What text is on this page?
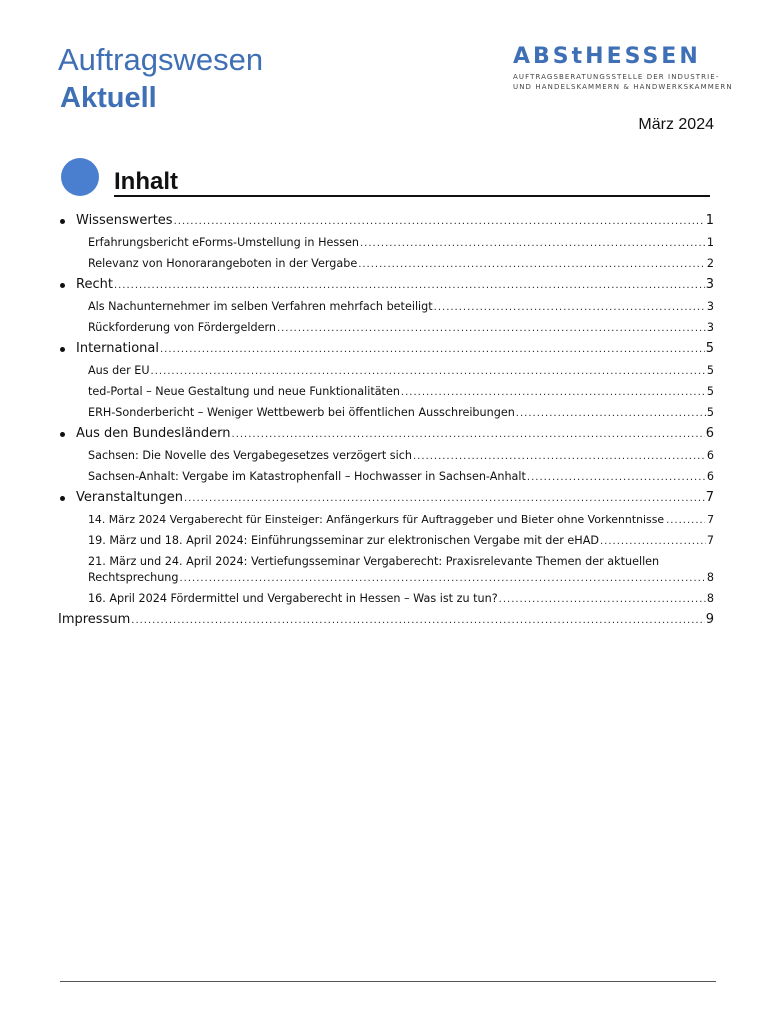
Auftragswesen
Aktuell
ABStHESSEN
AUFTRAGSBERATUNGSSTELLE DER INDUSTRIE-
UND HANDELSKAMMERN & HANDWERKSKAMMERN
März 2024
Inhalt
Wissenswertes .....	1
Erfahrungsbericht eForms-Umstellung in Hessen .....	1
Relevanz von Honorarangeboten in der Vergabe .....	2
Recht .....	3
Als Nachunternehmer im selben Verfahren mehrfach beteiligt .....	3
Rückforderung von Fördergeldern .....	3
International .....	5
Aus der EU .....	5
ted-Portal – Neue Gestaltung und neue Funktionalitäten .....	5
ERH-Sonderbericht – Weniger Wettbewerb bei öffentlichen Ausschreibungen .....	5
Aus den Bundesländern .....	6
Sachsen: Die Novelle des Vergabegesetzes verzögert sich .....	6
Sachsen-Anhalt: Vergabe im Katastrophenfall – Hochwasser in Sachsen-Anhalt .....	6
Veranstaltungen .....	7
14. März 2024 Vergaberecht für Einsteiger: Anfängerkurs für Auftraggeber und Bieter ohne Vorkenntnisse .....	7
19. März und 18. April 2024: Einführungsseminar zur elektronischen Vergabe mit der eHAD .....	7
21. März und 24. April 2024: Vertiefungsseminar Vergaberecht: Praxisrelevante Themen der aktuellen
Rechtsprechung .....	8
16. April 2024 Fördermittel und Vergaberecht in Hessen – Was ist zu tun? .....	8
Impressum .....	9
